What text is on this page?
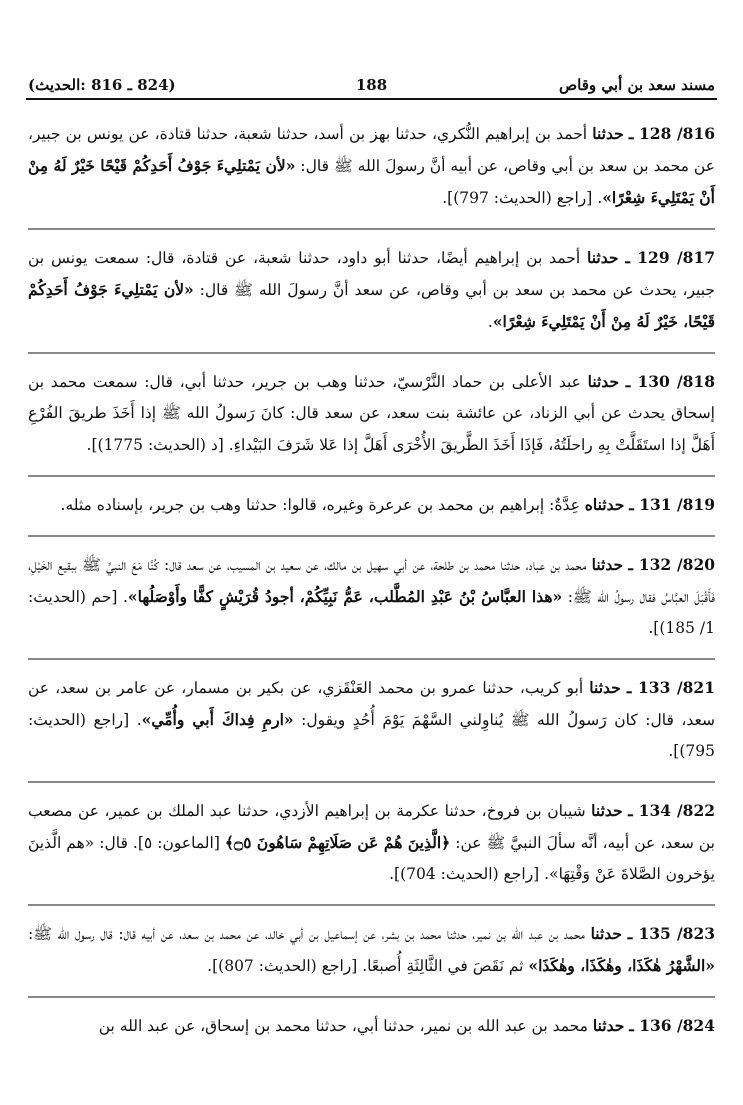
(824 ـ 816 :الحديث)	188	مسند سعد بن أبي وقاص
816/ 128 ـ حدثنا أحمد بن إبراهيم النُّكري، حدثنا بهز بن أسد، حدثنا شعبة، حدثنا قتادة، عن يونس بن جبير، عن محمد بن سعد بن أبي وقاص، عن أبيه أنَّ رسولَ الله ﷺ قال: «لأن يَمْتلِيءَ جَوْفُ أَحَدِكُمْ قَيْحًا خَيْرٌ لَهُ مِنْ أَنْ يَمْتَلِيءَ شِعْرًا». [راجع (الحديث: 797)].
817/ 129 ـ حدثنا أحمد بن إبراهيم أيضًا، حدثنا أبو داود، حدثنا شعبة، عن قتادة، قال: سمعت يونس بن جبير، يحدث عن محمد بن سعد بن أبي وقاص، عن سعد أنَّ رسولَ الله ﷺ قال: «لأن يَمْتلِيءَ جَوْفُ أَحَدِكُمْ قَيْحًا، خَيْرٌ لَهُ مِنْ أَنْ يَمْتَلِيءَ شِعْرًا».
818/ 130 ـ حدثنا عبد الأعلى بن حماد النَّرْسيّ، حدثنا وهب بن جرير، حدثنا أبي، قال: سمعت محمد بن إسحاق يحدث عن أبي الزناد، عن عائشة بنت سعد، عن سعد قال: كانَ رَسولُ الله ﷺ إذا أَخَذَ طريقَ الفُرْعِ أَهَلَّ إذا استَقَلَّتْ بِهِ راحلَتُهُ، فَإذَا أَخَذَ الطَّريقَ الأُخْرَى أَهَلَّ إذا عَلا شَرَفَ البَيْداءِ. [د (الحديث: 1775)].
819/ 131 ـ حدثناه عِدَّةٌ: إبراهيم بن محمد بن عرعرة وغيره، قالوا: حدثنا وهب بن جرير، بإسناده مثله.
820/ 132 ـ حدثنا محمد بن عباد، حدثنا محمد بن طلحة، عن أبي سهيل بن مالك، عن سعيد بن المسيب، عن سعد قال: كُنَّا مَعَ النبيِّ ﷺ ببقيع الخَيْلِ، فَأَقْبَلَ العبَّاسُ فقال رسولُ الله ﷺ: «هذا العبَّاسُ بْنُ عَبْدِ المُطَّلب، عَمُّ نَبِيِّكُمْ، أجودُ قُرَيْشٍ كفًّا وأَوْصَلُها». [حم (الحديث: 1/ 185)].
821/ 133 ـ حدثنا أبو كريب، حدثنا عمرو بن محمد العَنْقَزي، عن بكير بن مسمار، عن عامر بن سعد، عن سعد، قال: كان رَسولُ الله ﷺ يُناوِلني السَّهْمَ يَوْمَ أُحُدٍ ويقول: «ارمِ فِداكَ أَبي وأُمِّي». [راجع (الحديث: 795)].
822/ 134 ـ حدثنا شيبان بن فروخ، حدثنا عكرمة بن إبراهيم الأزدي، حدثنا عبد الملك بن عمير، عن مصعب بن سعد، عن أبيه، أنَّه سألَ النبيَّ ﷺ عن: ﴿الَّذِينَ هُمْ عَن صَلَاتِهِمْ سَاهُونَ ۝٥﴾ [الماعون: ٥]. قال: «هم الَّذينَ يؤخرون الصَّلاةَ عَنْ وَقْتِهَا». [راجع (الحديث: 704)].
823/ 135 ـ حدثنا محمد بن عبد الله بن نمير، حدثنا محمد بن بشر، عن إسماعيل بن أبي خالد، عن محمد بن سعد، عن أبيه قال: قال رسول الله ﷺ: «الشَّهْرُ هٰكَذَا، وهٰكَذَا، وهٰكَذَا» ثم نَقَصَ في الثَّالِثَةِ أُصبعًا. [راجع (الحديث: 807)].
824/ 136 ـ حدثنا محمد بن عبد الله بن نمير، حدثنا أبي، حدثنا محمد بن إسحاق، عن عبد الله بن
